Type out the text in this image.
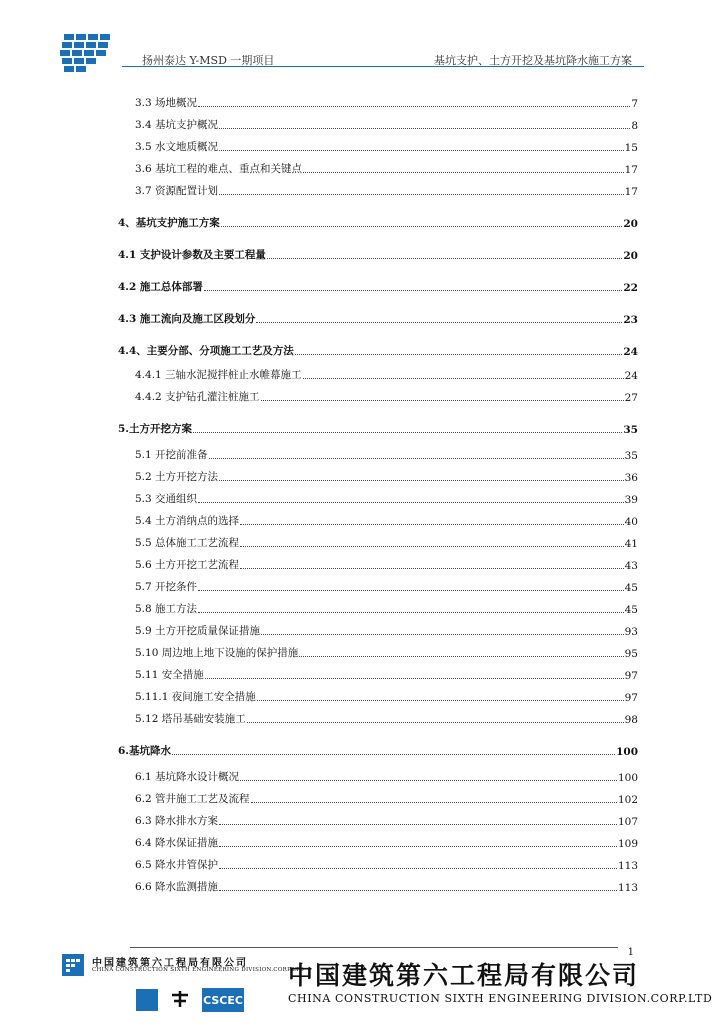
扬州泰达 Y-MSD 一期项目	基坑支护、土方开挖及基坑降水施工方案
3.3 场地概况	7
3.4 基坑支护概况	8
3.5 水文地质概况	15
3.6 基坑工程的难点、重点和关键点	17
3.7 资源配置计划	17
4、基坑支护施工方案	20
4.1 支护设计参数及主要工程量	20
4.2 施工总体部署	22
4.3 施工流向及施工区段划分	23
4.4、主要分部、分项施工工艺及方法	24
4.4.1 三轴水泥搅拌桩止水帷幕施工	24
4.4.2 支护钻孔灌注桩施工	27
5.土方开挖方案	35
5.1 开挖前准备	35
5.2 土方开挖方法	36
5.3 交通组织	39
5.4 土方消纳点的选择	40
5.5 总体施工工艺流程	41
5.6 土方开挖工艺流程	43
5.7 开挖条件	45
5.8 施工方法	45
5.9 土方开挖质量保证措施	93
5.10 周边地上地下设施的保护措施	95
5.11 安全措施	97
5.11.1 夜间施工安全措施	97
5.12 塔吊基础安装施工	98
6.基坑降水	100
6.1 基坑降水设计概况	100
6.2 管井施工工艺及流程	102
6.3 降水排水方案	107
6.4 降水保证措施	109
6.5 降水井管保护	113
6.6 降水监测措施	113
1
中国建筑第六工程局有限公司
CHINA CONSTRUCTION SIXTH ENGINEERING DIVISION.CORP.LTD
CSCEC
中国建筑第六工程局有限公司
CHINA CONSTRUCTION SIXTH ENGINEERING DIVISION.CORP.LTD
